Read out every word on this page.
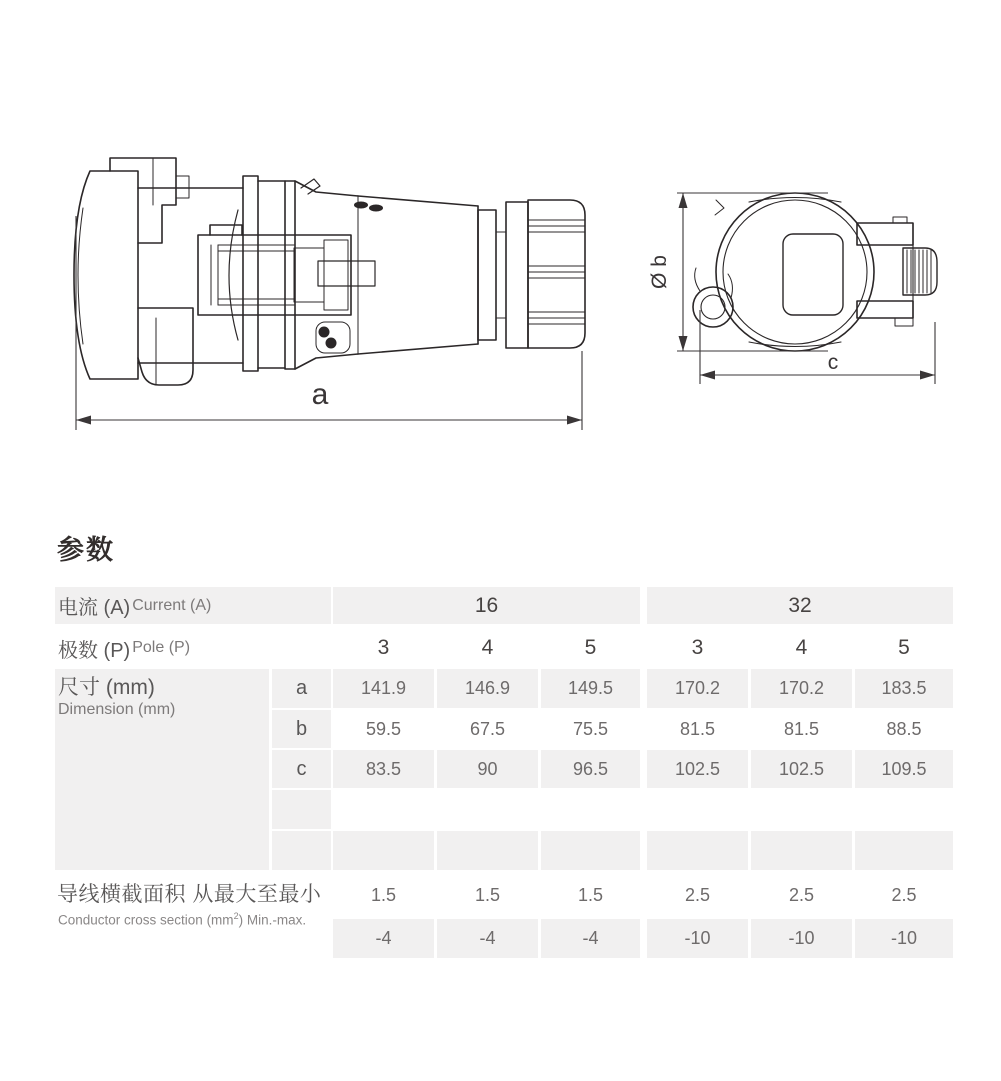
a
Ø b
c
参数
电流 (A) Current (A)	16	32
极数 (P) Pole (P)	3	4	5	3	4	5
尺寸 (mm)
Dimension (mm)
a	141.9	146.9	149.5	170.2	170.2	183.5
b	59.5	67.5	75.5	81.5	81.5	88.5
c	83.5	90	96.5	102.5	102.5	109.5
导线横截面积 从最大至最小
Conductor cross section $(mm^2)$ Min.-max.
1.5	1.5	1.5	2.5	2.5	2.5
-4	-4	-4	-10	-10	-10
